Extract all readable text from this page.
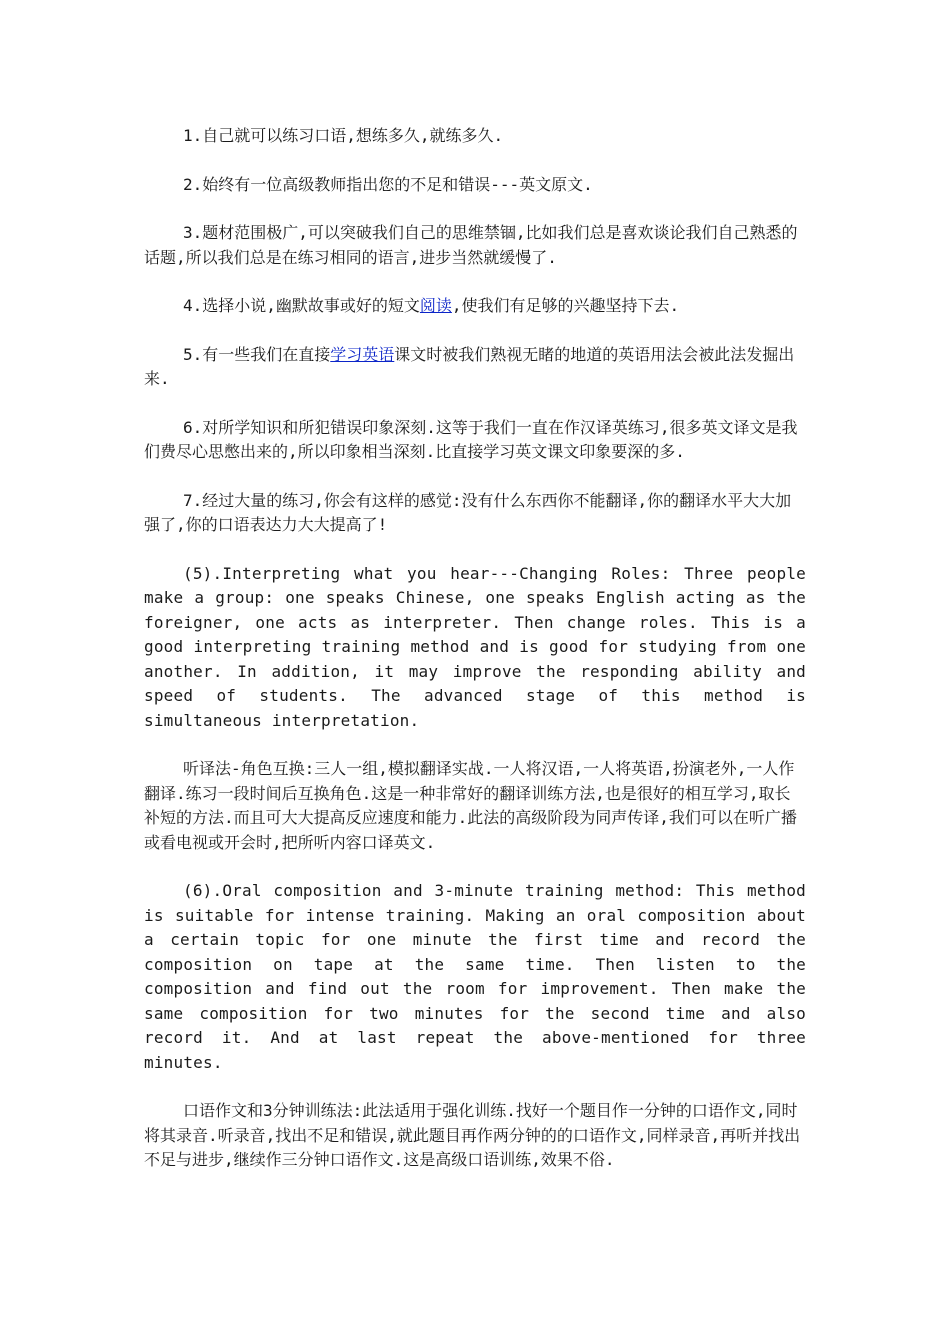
1.自己就可以练习口语,想练多久,就练多久.

2.始终有一位高级教师指出您的不足和错误---英文原文.

3.题材范围极广,可以突破我们自己的思维禁锢,比如我们总是喜欢谈论我们自己熟悉的话题,所以我们总是在练习相同的语言,进步当然就缓慢了.

4.选择小说,幽默故事或好的短文阅读,使我们有足够的兴趣坚持下去.

5.有一些我们在直接学习英语课文时被我们熟视无睹的地道的英语用法会被此法发掘出来.

6.对所学知识和所犯错误印象深刻.这等于我们一直在作汉译英练习,很多英文译文是我们费尽心思憋出来的,所以印象相当深刻.比直接学习英文课文印象要深的多.

7.经过大量的练习,你会有这样的感觉:没有什么东西你不能翻译,你的翻译水平大大加强了,你的口语表达力大大提高了!

(5).Interpreting what you hear---Changing Roles: Three people make a group: one speaks Chinese, one speaks English acting as the foreigner, one acts as interpreter. Then change roles. This is a good interpreting training method and is good for studying from one another. In addition, it may improve the responding ability and speed of students. The advanced stage of this method is simultaneous interpretation.

听译法-角色互换:三人一组,模拟翻译实战.一人将汉语,一人将英语,扮演老外,一人作翻译.练习一段时间后互换角色.这是一种非常好的翻译训练方法,也是很好的相互学习,取长补短的方法.而且可大大提高反应速度和能力.此法的高级阶段为同声传译,我们可以在听广播或看电视或开会时,把所听内容口译英文.

(6).Oral composition and 3-minute training method: This method is suitable for intense training. Making an oral composition about a certain topic for one minute the first time and record the composition on tape at the same time. Then listen to the composition and find out the room for improvement. Then make the same composition for two minutes for the second time and also record it. And at last repeat the above-mentioned for three minutes.

口语作文和3分钟训练法:此法适用于强化训练.找好一个题目作一分钟的口语作文,同时将其录音.听录音,找出不足和错误,就此题目再作两分钟的的口语作文,同样录音,再听并找出不足与进步,继续作三分钟口语作文.这是高级口语训练,效果不俗.
